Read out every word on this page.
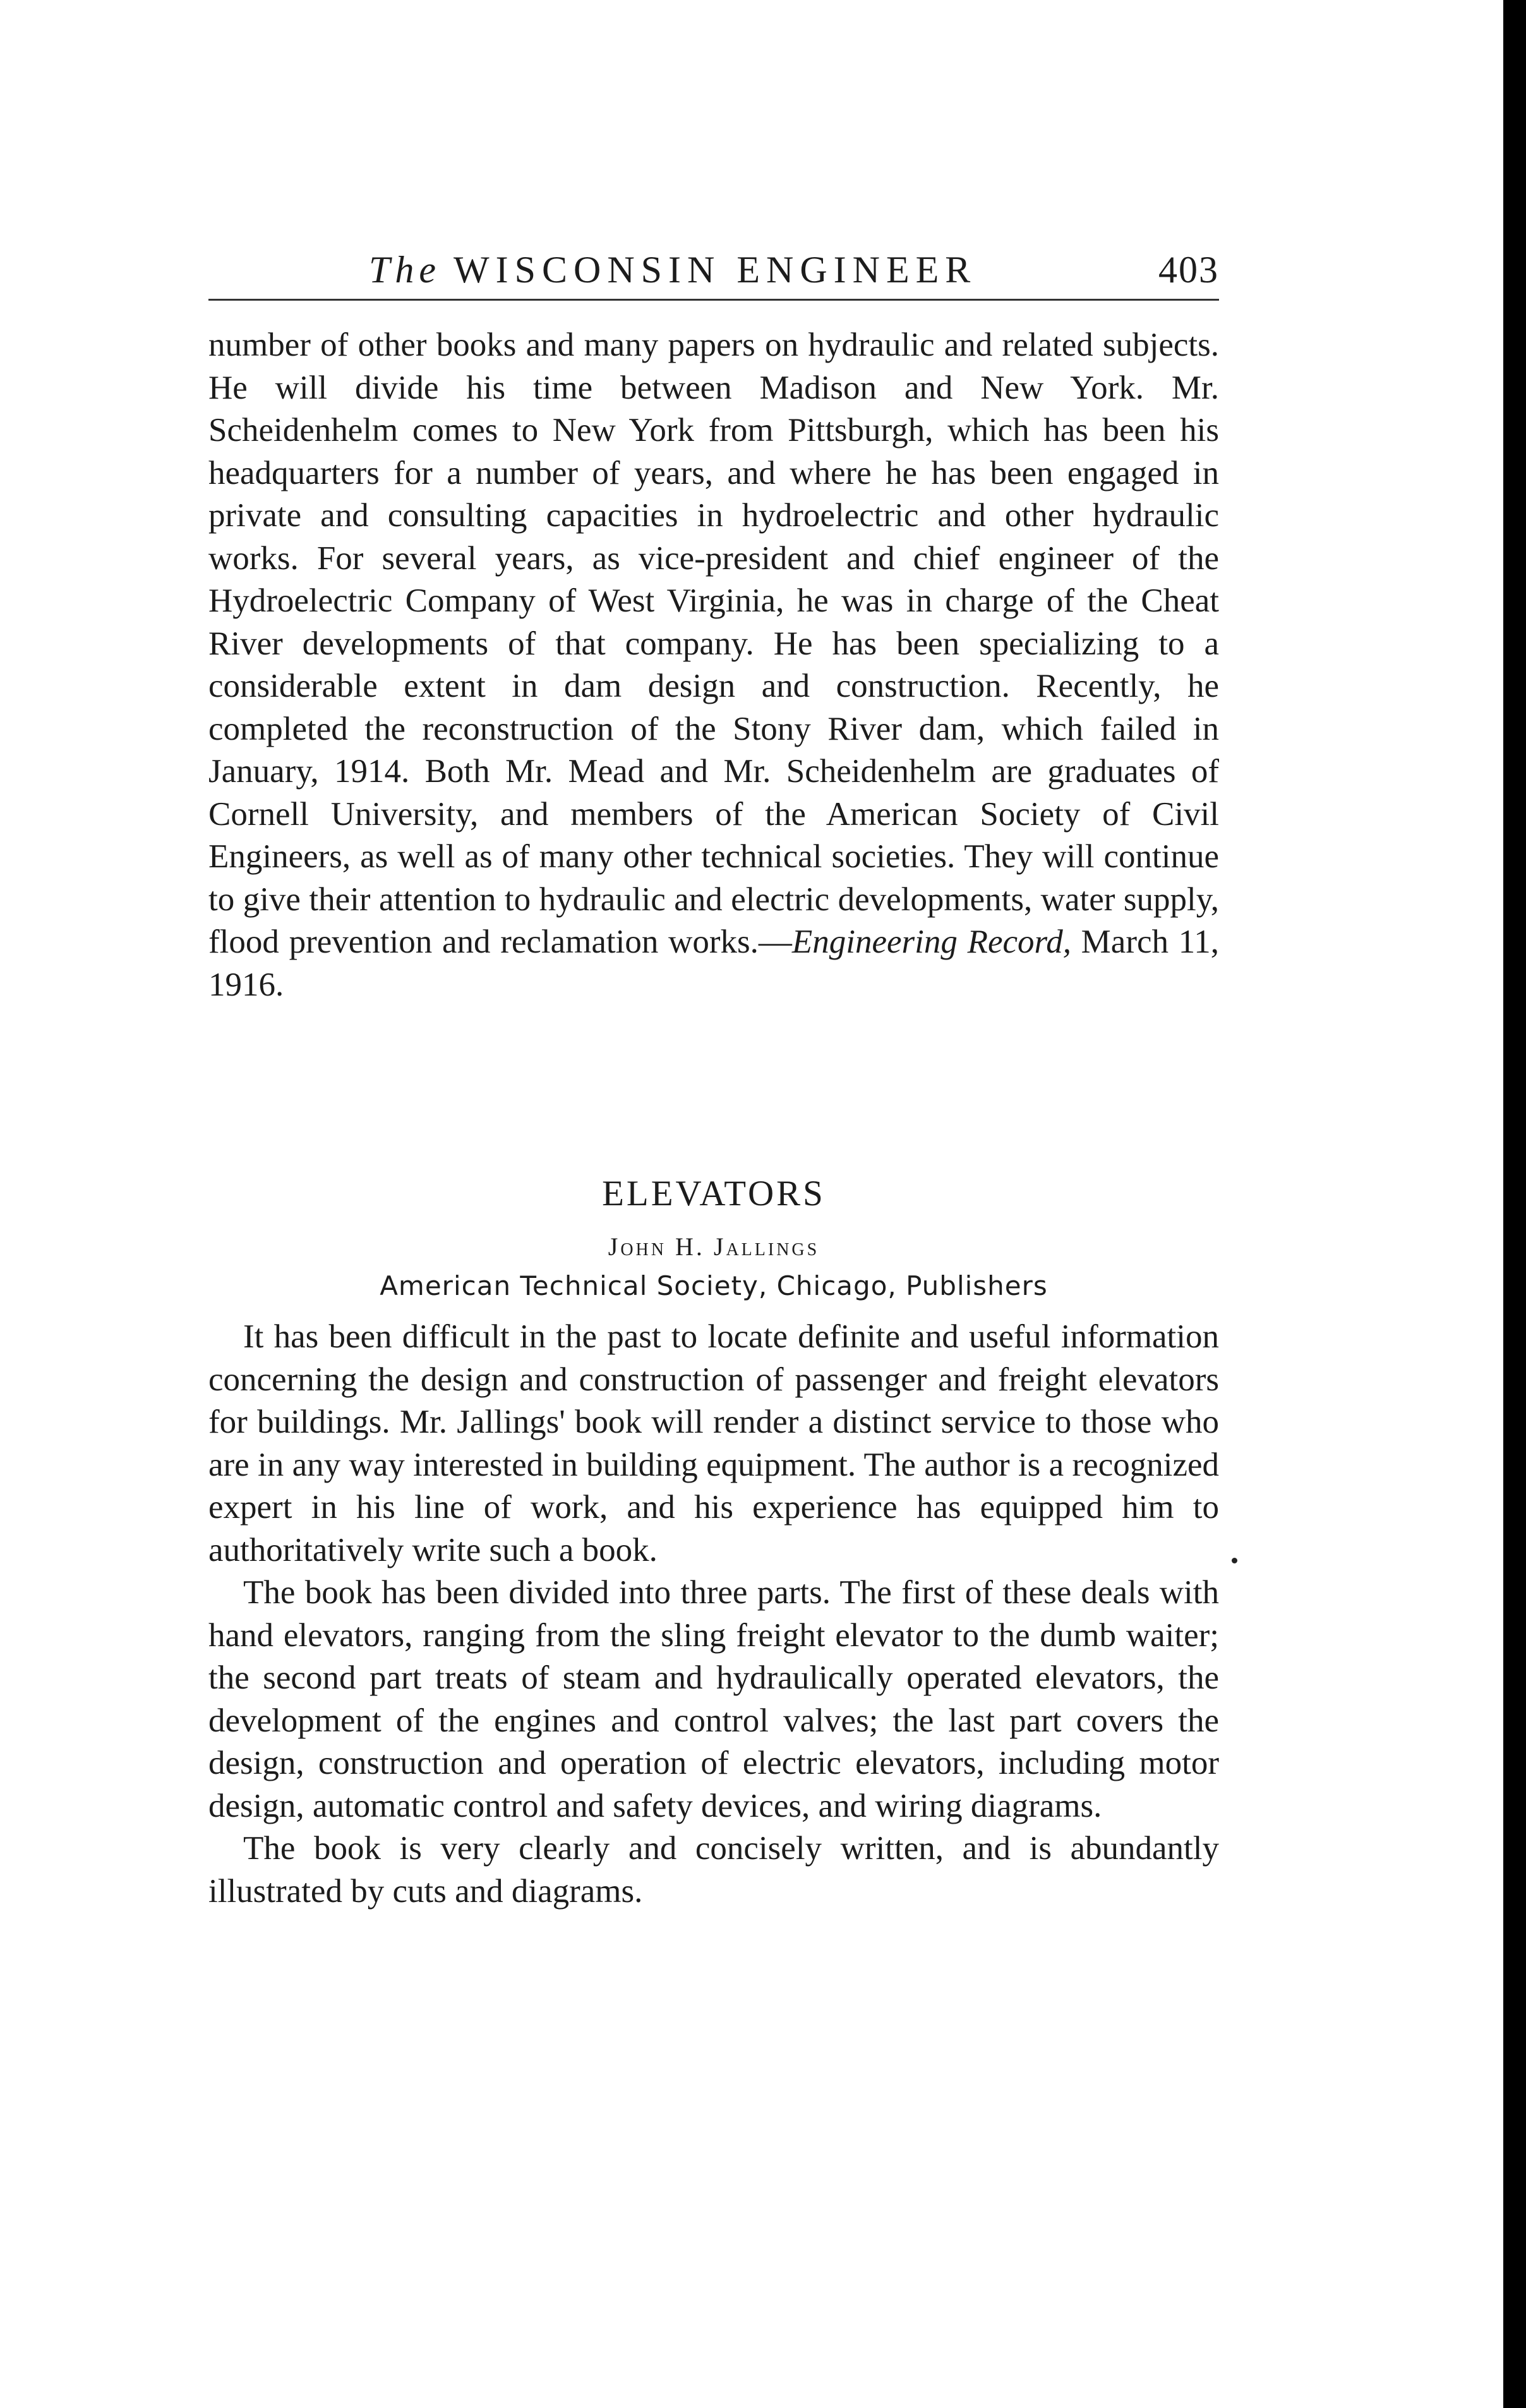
The WISCONSIN ENGINEER	403

number of other books and many papers on hydraulic and related subjects. He will divide his time between Madison and New York. Mr. Scheidenhelm comes to New York from Pittsburgh, which has been his headquarters for a number of years, and where he has been engaged in private and consulting capacities in hydroelectric and other hydraulic works. For several years, as vice-president and chief engineer of the Hydroelectric Company of West Virginia, he was in charge of the Cheat River developments of that company. He has been specializing to a considerable extent in dam design and construction. Recently, he completed the reconstruction of the Stony River dam, which failed in January, 1914. Both Mr. Mead and Mr. Scheidenhelm are graduates of Cornell University, and members of the American Society of Civil Engineers, as well as of many other technical societies. They will continue to give their attention to hydraulic and electric developments, water supply, flood prevention and reclamation works.—Engineering Record, March 11, 1916.

ELEVATORS
John H. Jallings
American Technical Society, Chicago, Publishers

It has been difficult in the past to locate definite and useful information concerning the design and construction of passenger and freight elevators for buildings. Mr. Jallings' book will render a distinct service to those who are in any way interested in building equipment. The author is a recognized expert in his line of work, and his experience has equipped him to authoritatively write such a book.

The book has been divided into three parts. The first of these deals with hand elevators, ranging from the sling freight elevator to the dumb waiter; the second part treats of steam and hydraulically operated elevators, the development of the engines and control valves; the last part covers the design, construction and operation of electric elevators, including motor design, automatic control and safety devices, and wiring diagrams.

The book is very clearly and concisely written, and is abundantly illustrated by cuts and diagrams.
